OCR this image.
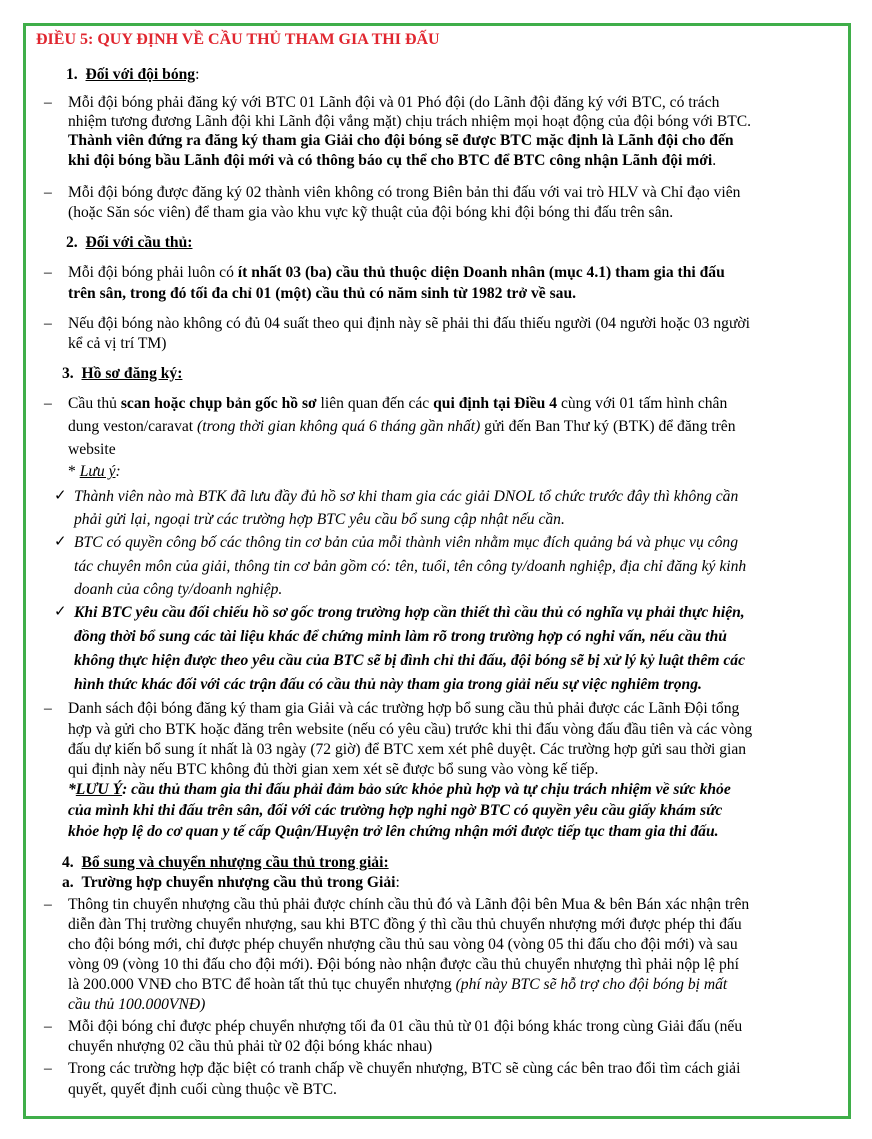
ĐIỀU 5: QUY ĐỊNH VỀ CẦU THỦ THAM GIA THI ĐẤU
1. Đối với đội bóng:
– Mỗi đội bóng phải đăng ký với BTC 01 Lãnh đội và 01 Phó đội (do Lãnh đội đăng ký với BTC, có trách
nhiệm tương đương Lãnh đội khi Lãnh đội vắng mặt) chịu trách nhiệm mọi hoạt động của đội bóng với BTC.
Thành viên đứng ra đăng ký tham gia Giải cho đội bóng sẽ được BTC mặc định là Lãnh đội cho đến
khi đội bóng bầu Lãnh đội mới và có thông báo cụ thể cho BTC để BTC công nhận Lãnh đội mới.
– Mỗi đội bóng được đăng ký 02 thành viên không có trong Biên bản thi đấu với vai trò HLV và Chỉ đạo viên
(hoặc Săn sóc viên) để tham gia vào khu vực kỹ thuật của đội bóng khi đội bóng thi đấu trên sân.
2. Đối với cầu thủ:
– Mỗi đội bóng phải luôn có ít nhất 03 (ba) cầu thủ thuộc diện Doanh nhân (mục 4.1) tham gia thi đấu
trên sân, trong đó tối đa chỉ 01 (một) cầu thủ có năm sinh từ 1982 trở về sau.
– Nếu đội bóng nào không có đủ 04 suất theo qui định này sẽ phải thi đấu thiếu người (04 người hoặc 03 người
kể cả vị trí TM)
3. Hồ sơ đăng ký:
– Cầu thủ scan hoặc chụp bản gốc hồ sơ liên quan đến các qui định tại Điều 4 cùng với 01 tấm hình chân
dung veston/caravat (trong thời gian không quá 6 tháng gần nhất) gửi đến Ban Thư ký (BTK) để đăng trên
website
* Lưu ý:
✓ Thành viên nào mà BTK đã lưu đầy đủ hồ sơ khi tham gia các giải DNOL tổ chức trước đây thì không cần
phải gửi lại, ngoại trừ các trường hợp BTC yêu cầu bổ sung cập nhật nếu cần.
✓ BTC có quyền công bố các thông tin cơ bản của mỗi thành viên nhằm mục đích quảng bá và phục vụ công
tác chuyên môn của giải, thông tin cơ bản gồm có: tên, tuổi, tên công ty/doanh nghiệp, địa chỉ đăng ký kinh
doanh của công ty/doanh nghiệp.
✓ Khi BTC yêu cầu đối chiếu hồ sơ gốc trong trường hợp cần thiết thì cầu thủ có nghĩa vụ phải thực hiện,
đồng thời bổ sung các tài liệu khác để chứng minh làm rõ trong trường hợp có nghi vấn, nếu cầu thủ
không thực hiện được theo yêu cầu của BTC sẽ bị đình chỉ thi đấu, đội bóng sẽ bị xử lý kỷ luật thêm các
hình thức khác đối với các trận đấu có cầu thủ này tham gia trong giải nếu sự việc nghiêm trọng.
– Danh sách đội bóng đăng ký tham gia Giải và các trường hợp bổ sung cầu thủ phải được các Lãnh Đội tổng
hợp và gửi cho BTK hoặc đăng trên website (nếu có yêu cầu) trước khi thi đấu vòng đấu đầu tiên và các vòng
đấu dự kiến bổ sung ít nhất là 03 ngày (72 giờ) để BTC xem xét phê duyệt. Các trường hợp gửi sau thời gian
qui định này nếu BTC không đủ thời gian xem xét sẽ được bổ sung vào vòng kế tiếp.
*LƯU Ý: cầu thủ tham gia thi đấu phải đảm bảo sức khỏe phù hợp và tự chịu trách nhiệm về sức khỏe
của mình khi thi đấu trên sân, đối với các trường hợp nghi ngờ BTC có quyền yêu cầu giấy khám sức
khỏe hợp lệ do cơ quan y tế cấp Quận/Huyện trở lên chứng nhận mới được tiếp tục tham gia thi đấu.
4. Bổ sung và chuyển nhượng cầu thủ trong giải:
a. Trường hợp chuyển nhượng cầu thủ trong Giải:
– Thông tin chuyển nhượng cầu thủ phải được chính cầu thủ đó và Lãnh đội bên Mua & bên Bán xác nhận trên
diễn đàn Thị trường chuyển nhượng, sau khi BTC đồng ý thì cầu thủ chuyển nhượng mới được phép thi đấu
cho đội bóng mới, chỉ được phép chuyển nhượng cầu thủ sau vòng 04 (vòng 05 thi đấu cho đội mới) và sau
vòng 09 (vòng 10 thi đấu cho đội mới). Đội bóng nào nhận được cầu thủ chuyển nhượng thì phải nộp lệ phí
là 200.000 VNĐ cho BTC để hoàn tất thủ tục chuyển nhượng (phí này BTC sẽ hỗ trợ cho đội bóng bị mất
cầu thủ 100.000VNĐ)
– Mỗi đội bóng chỉ được phép chuyển nhượng tối đa 01 cầu thủ từ 01 đội bóng khác trong cùng Giải đấu (nếu
chuyển nhượng 02 cầu thủ phải từ 02 đội bóng khác nhau)
– Trong các trường hợp đặc biệt có tranh chấp về chuyển nhượng, BTC sẽ cùng các bên trao đổi tìm cách giải
quyết, quyết định cuối cùng thuộc về BTC.
